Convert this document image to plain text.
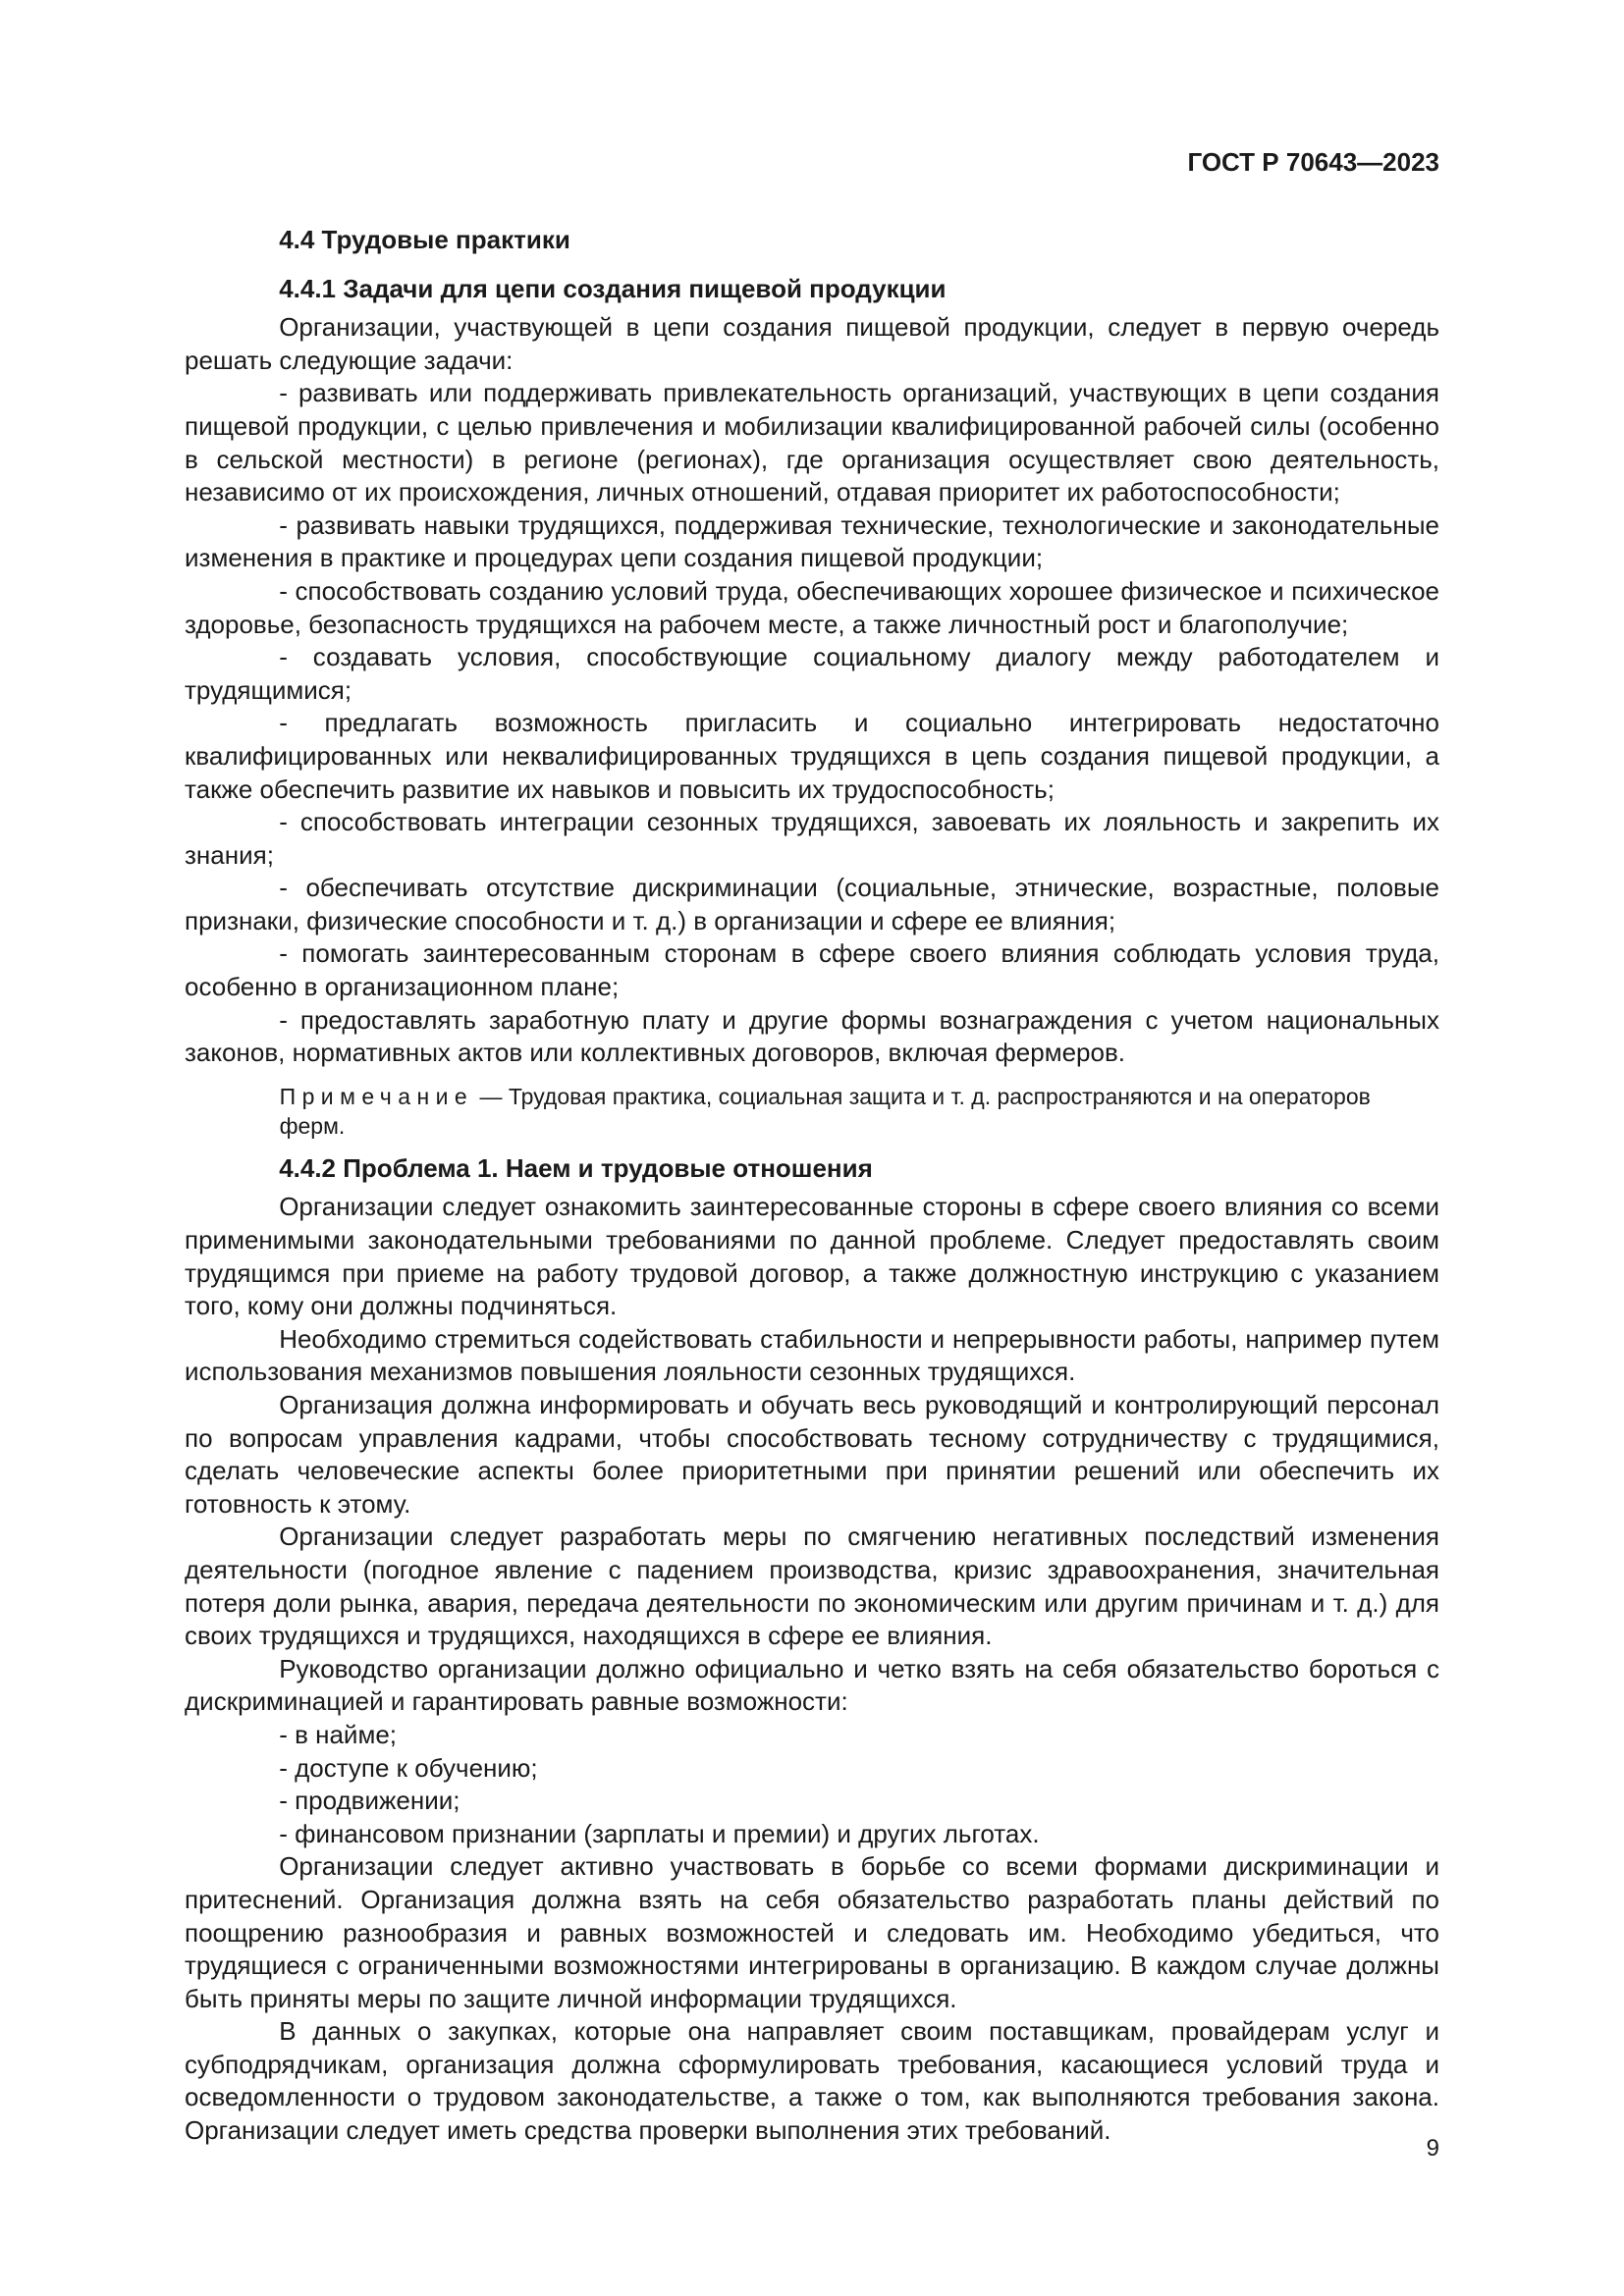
ГОСТ Р 70643—2023

4.4 Трудовые практики

4.4.1 Задачи для цепи создания пищевой продукции

Организации, участвующей в цепи создания пищевой продукции, следует в первую очередь решать следующие задачи:

- развивать или поддерживать привлекательность организаций, участвующих в цепи создания пищевой продукции, с целью привлечения и мобилизации квалифицированной рабочей силы (особенно в сельской местности) в регионе (регионах), где организация осуществляет свою деятельность, независимо от их происхождения, личных отношений, отдавая приоритет их работоспособности;

- развивать навыки трудящихся, поддерживая технические, технологические и законодательные изменения в практике и процедурах цепи создания пищевой продукции;

- способствовать созданию условий труда, обеспечивающих хорошее физическое и психическое здоровье, безопасность трудящихся на рабочем месте, а также личностный рост и благополучие;

- создавать условия, способствующие социальному диалогу между работодателем и трудящимися;

- предлагать возможность пригласить и социально интегрировать недостаточно квалифицированных или неквалифицированных трудящихся в цепь создания пищевой продукции, а также обеспечить развитие их навыков и повысить их трудоспособность;

- способствовать интеграции сезонных трудящихся, завоевать их лояльность и закрепить их знания;

- обеспечивать отсутствие дискриминации (социальные, этнические, возрастные, половые признаки, физические способности и т. д.) в организации и сфере ее влияния;

- помогать заинтересованным сторонам в сфере своего влияния соблюдать условия труда, особенно в организационном плане;

- предоставлять заработную плату и другие формы вознаграждения с учетом национальных законов, нормативных актов или коллективных договоров, включая фермеров.

Примечание — Трудовая практика, социальная защита и т. д. распространяются и на операторов ферм.

4.4.2 Проблема 1. Наем и трудовые отношения

Организации следует ознакомить заинтересованные стороны в сфере своего влияния со всеми применимыми законодательными требованиями по данной проблеме. Следует предоставлять своим трудящимся при приеме на работу трудовой договор, а также должностную инструкцию с указанием того, кому они должны подчиняться.

Необходимо стремиться содействовать стабильности и непрерывности работы, например путем использования механизмов повышения лояльности сезонных трудящихся.

Организация должна информировать и обучать весь руководящий и контролирующий персонал по вопросам управления кадрами, чтобы способствовать тесному сотрудничеству с трудящимися, сделать человеческие аспекты более приоритетными при принятии решений или обеспечить их готовность к этому.

Организации следует разработать меры по смягчению негативных последствий изменения деятельности (погодное явление с падением производства, кризис здравоохранения, значительная потеря доли рынка, авария, передача деятельности по экономическим или другим причинам и т. д.) для своих трудящихся и трудящихся, находящихся в сфере ее влияния.

Руководство организации должно официально и четко взять на себя обязательство бороться с дискриминацией и гарантировать равные возможности:

- в найме;

- доступе к обучению;

- продвижении;

- финансовом признании (зарплаты и премии) и других льготах.

Организации следует активно участвовать в борьбе со всеми формами дискриминации и притеснений. Организация должна взять на себя обязательство разработать планы действий по поощрению разнообразия и равных возможностей и следовать им. Необходимо убедиться, что трудящиеся с ограниченными возможностями интегрированы в организацию. В каждом случае должны быть приняты меры по защите личной информации трудящихся.

В данных о закупках, которые она направляет своим поставщикам, провайдерам услуг и субподрядчикам, организация должна сформулировать требования, касающиеся условий труда и осведомленности о трудовом законодательстве, а также о том, как выполняются требования закона. Организации следует иметь средства проверки выполнения этих требований.

9
